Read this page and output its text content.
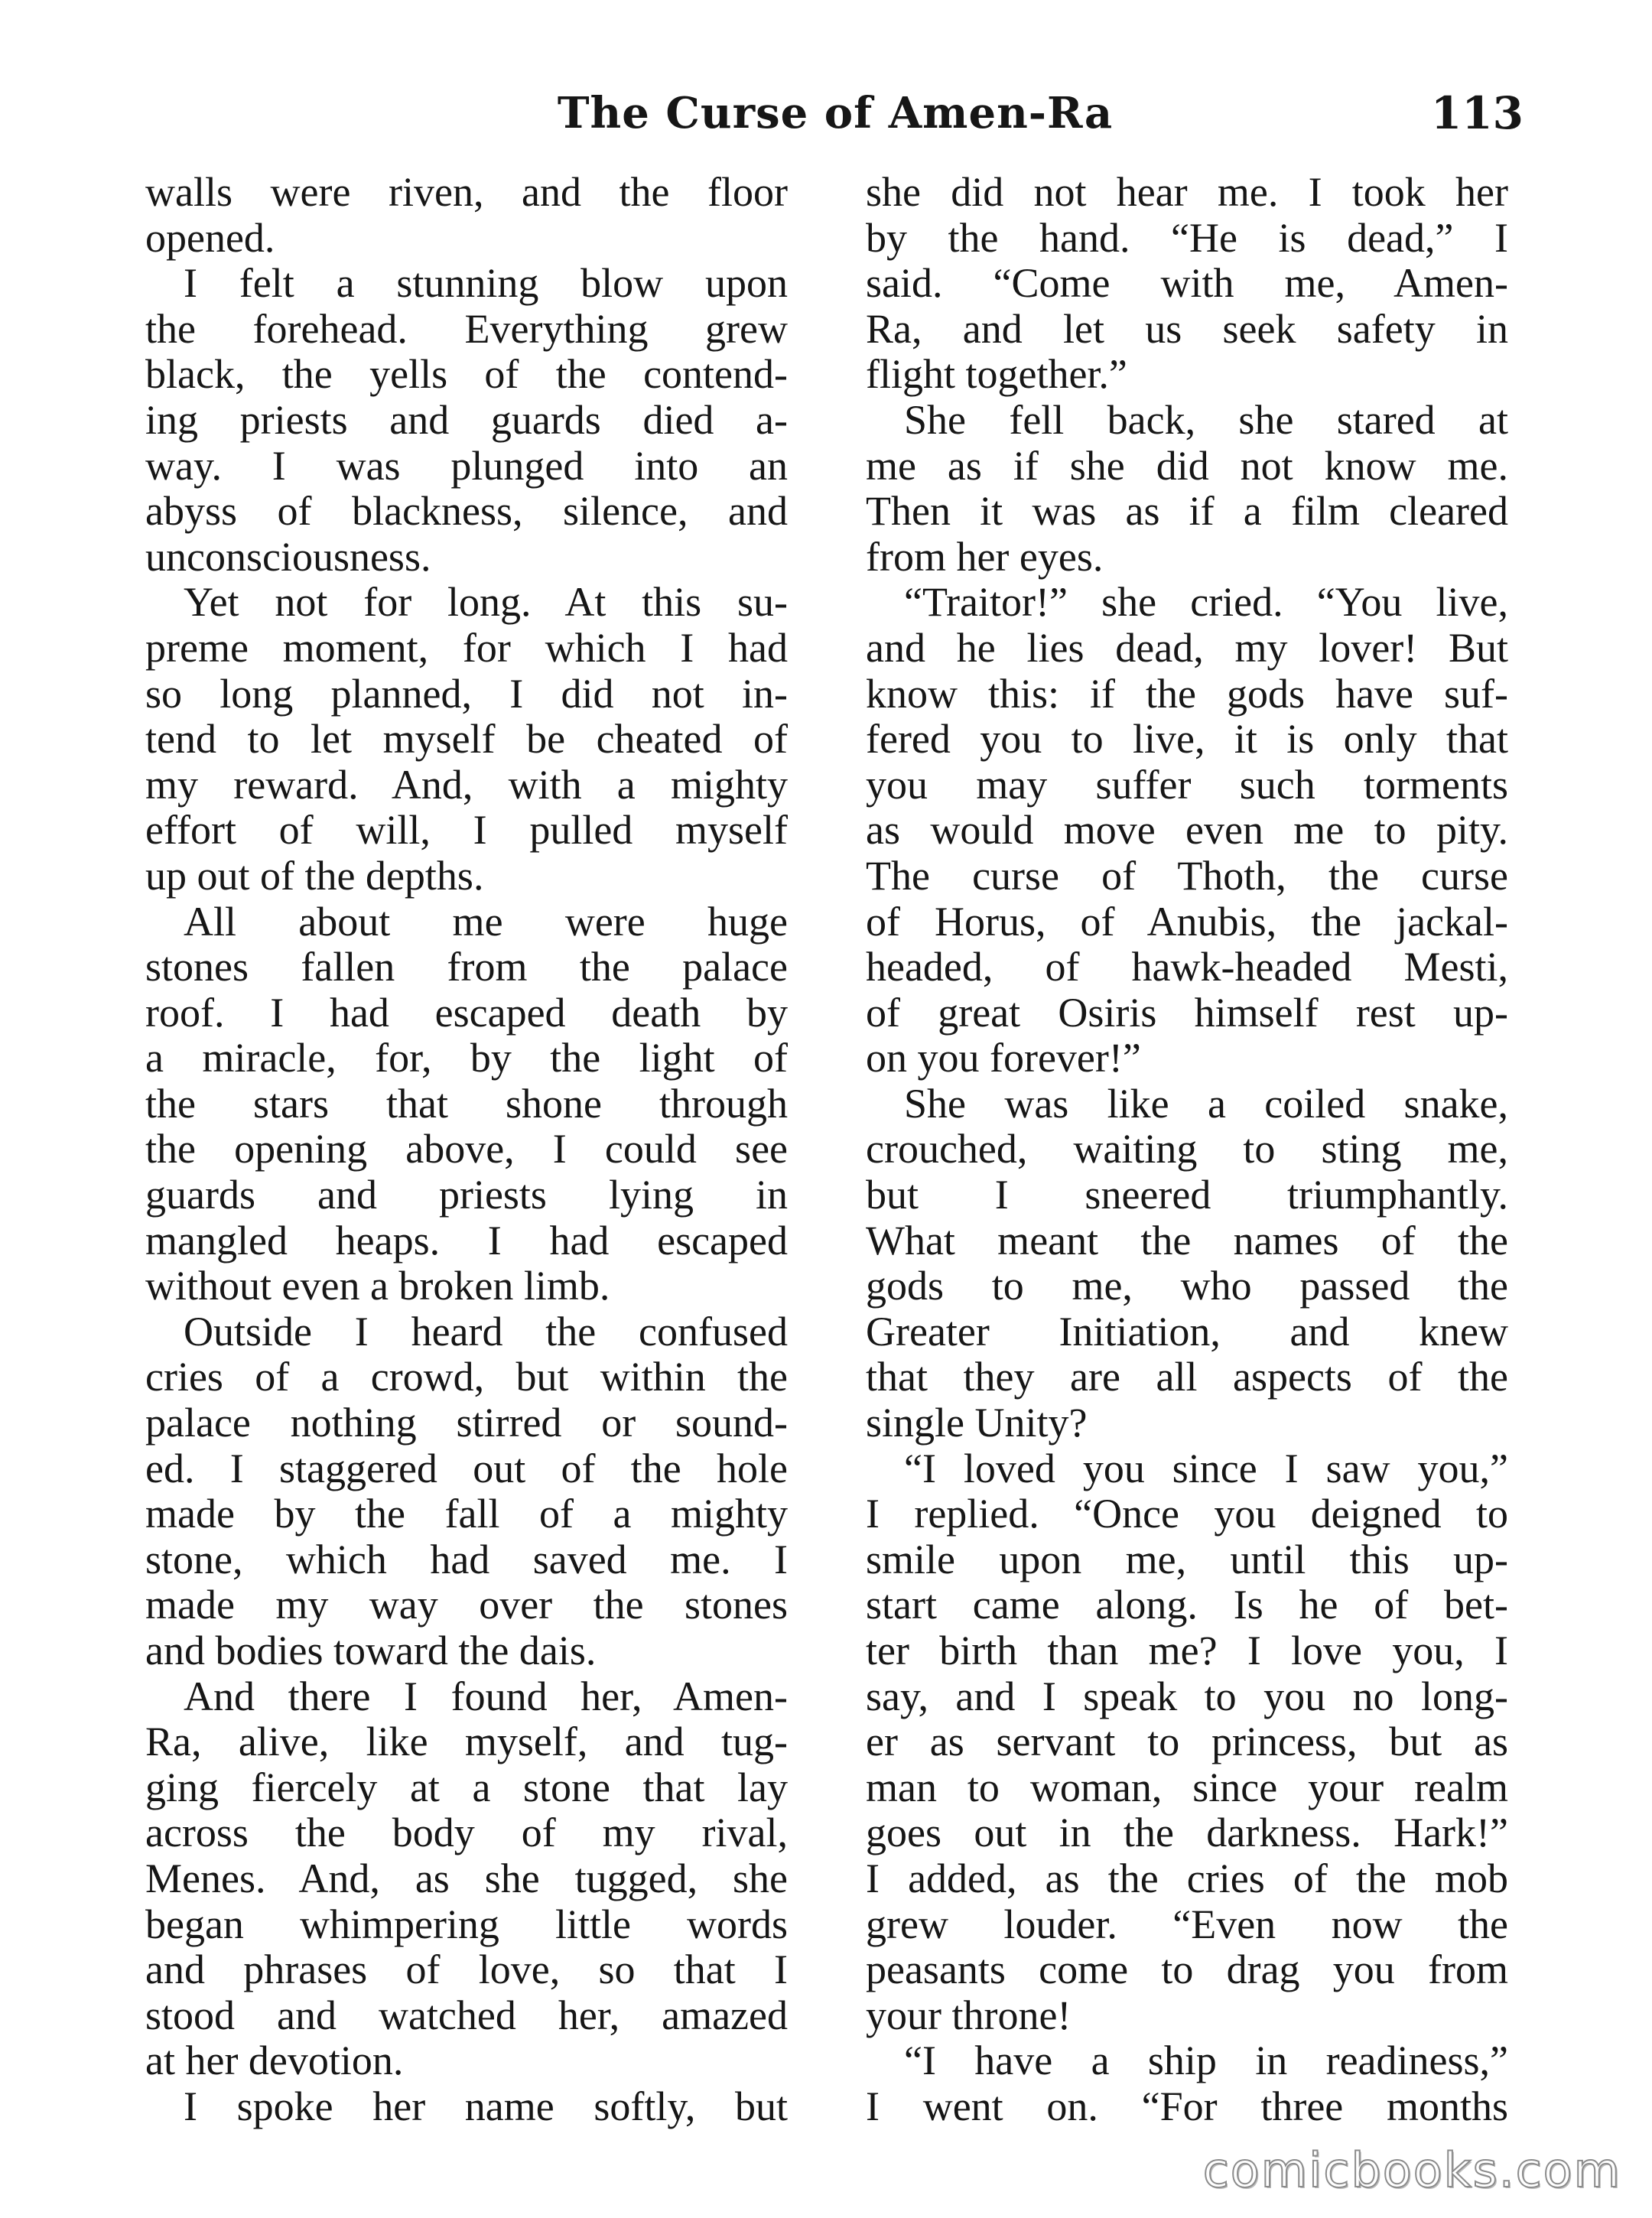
The Curse of Amen-Ra	113
walls were riven, and the floor
opened.
I felt a stunning blow upon
the forehead. Everything grew
black, the yells of the contend-
ing priests and guards died a-
way. I was plunged into an
abyss of blackness, silence, and
unconsciousness.
Yet not for long. At this su-
preme moment, for which I had
so long planned, I did not in-
tend to let myself be cheated of
my reward. And, with a mighty
effort of will, I pulled myself
up out of the depths.
All about me were huge
stones fallen from the palace
roof. I had escaped death by
a miracle, for, by the light of
the stars that shone through
the opening above, I could see
guards and priests lying in
mangled heaps. I had escaped
without even a broken limb.
Outside I heard the confused
cries of a crowd, but within the
palace nothing stirred or sound-
ed. I staggered out of the hole
made by the fall of a mighty
stone, which had saved me. I
made my way over the stones
and bodies toward the dais.
And there I found her, Amen-
Ra, alive, like myself, and tug-
ging fiercely at a stone that lay
across the body of my rival,
Menes. And, as she tugged, she
began whimpering little words
and phrases of love, so that I
stood and watched her, amazed
at her devotion.
I spoke her name softly, but
she did not hear me. I took her
by the hand. “He is dead,” I
said. “Come with me, Amen-
Ra, and let us seek safety in
flight together.”
She fell back, she stared at
me as if she did not know me.
Then it was as if a film cleared
from her eyes.
“Traitor!” she cried. “You live,
and he lies dead, my lover! But
know this: if the gods have suf-
fered you to live, it is only that
you may suffer such torments
as would move even me to pity.
The curse of Thoth, the curse
of Horus, of Anubis, the jackal-
headed, of hawk-headed Mesti,
of great Osiris himself rest up-
on you forever!”
She was like a coiled snake,
crouched, waiting to sting me,
but I sneered triumphantly.
What meant the names of the
gods to me, who passed the
Greater Initiation, and knew
that they are all aspects of the
single Unity?
“I loved you since I saw you,”
I replied. “Once you deigned to
smile upon me, until this up-
start came along. Is he of bet-
ter birth than me? I love you, I
say, and I speak to you no long-
er as servant to princess, but as
man to woman, since your realm
goes out in the darkness. Hark!”
I added, as the cries of the mob
grew louder. “Even now the
peasants come to drag you from
your throne!
“I have a ship in readiness,”
I went on. “For three months
comicbooks.com
